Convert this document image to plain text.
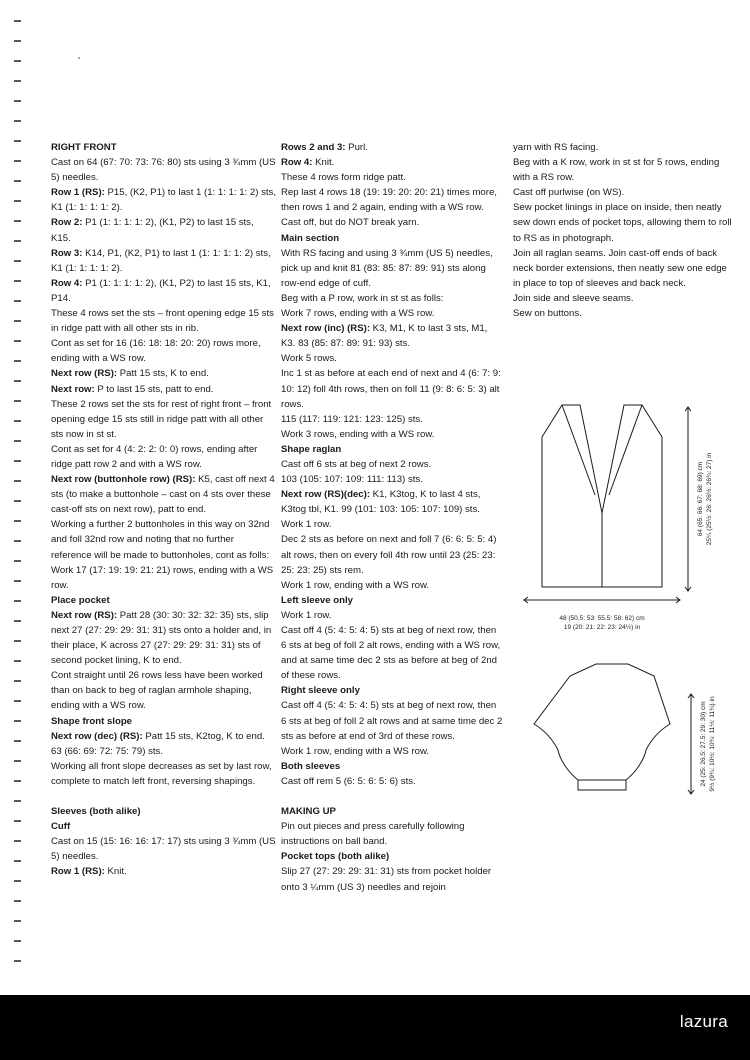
RIGHT FRONT

Cast on 64 (67: 70: 73: 76: 80) sts using 3 ¾mm (US 5) needles.

Row 1 (RS): P15, (K2, P1) to last 1 (1: 1: 1: 1: 2) sts, K1 (1: 1: 1: 1: 2).

Row 2: P1 (1: 1: 1: 1: 2), (K1, P2) to last 15 sts, K15.

Row 3: K14, P1, (K2, P1) to last 1 (1: 1: 1: 1: 2) sts, K1 (1: 1: 1: 1: 2).

Row 4: P1 (1: 1: 1: 1: 2), (K1, P2) to last 15 sts, K1, P14.

These 4 rows set the sts – front opening edge 15 sts in ridge patt with all other sts in rib.

Cont as set for 16 (16: 18: 18: 20: 20) rows more, ending with a WS row.

Next row (RS): Patt 15 sts, K to end.

Next row: P to last 15 sts, patt to end.

These 2 rows set the sts for rest of right front – front opening edge 15 sts still in ridge patt with all other sts now in st st.

Cont as set for 4 (4: 2: 2: 0: 0) rows, ending after ridge patt row 2 and with a WS row.

Next row (buttonhole row) (RS): K5, cast off next 4 sts (to make a buttonhole – cast on 4 sts over these cast-off sts on next row), patt to end.

Working a further 2 buttonholes in this way on 32nd and foll 32nd row and noting that no further reference will be made to buttonholes, cont as folls:

Work 17 (17: 19: 19: 21: 21) rows, ending with a WS row.

Place pocket

Next row (RS): Patt 28 (30: 30: 32: 32: 35) sts, slip next 27 (27: 29: 29: 31: 31) sts onto a holder and, in their place, K across 27 (27: 29: 29: 31: 31) sts of second pocket lining, K to end.

Cont straight until 26 rows less have been worked than on back to beg of raglan armhole shaping, ending with a WS row.

Shape front slope

Next row (dec) (RS): Patt 15 sts, K2tog, K to end. 63 (66: 69: 72: 75: 79) sts.

Working all front slope decreases as set by last row, complete to match left front, reversing shapings.

Sleeves (both alike)

Cuff

Cast on 15 (15: 16: 16: 17: 17) sts using 3 ¾mm (US 5) needles.

Row 1 (RS): Knit.

Rows 2 and 3: Purl.

Row 4: Knit.

These 4 rows form ridge patt.

Rep last 4 rows 18 (19: 19: 20: 20: 21) times more, then rows 1 and 2 again, ending with a WS row.

Cast off, but do NOT break yarn.

Main section

With RS facing and using 3 ¾mm (US 5) needles, pick up and knit 81 (83: 85: 87: 89: 91) sts along row-end edge of cuff.

Beg with a P row, work in st st as folls:

Work 7 rows, ending with a WS row.

Next row (inc) (RS): K3, M1, K to last 3 sts, M1, K3. 83 (85: 87: 89: 91: 93) sts.

Work 5 rows.

Inc 1 st as before at each end of next and 4 (6: 7: 9: 10: 12) foll 4th rows, then on foll 11 (9: 8: 6: 5: 3) alt rows.

115 (117: 119: 121: 123: 125) sts.

Work 3 rows, ending with a WS row.

Shape raglan

Cast off 6 sts at beg of next 2 rows.

103 (105: 107: 109: 111: 113) sts.

Next row (RS)(dec): K1, K3tog, K to last 4 sts, K3tog tbl, K1. 99 (101: 103: 105: 107: 109) sts.

Work 1 row.

Dec 2 sts as before on next and foll 7 (6: 6: 5: 5: 4) alt rows, then on every foll 4th row until 23 (25: 23: 25: 23: 25) sts rem.

Work 1 row, ending with a WS row.

Left sleeve only

Work 1 row.

Cast off 4 (5: 4: 5: 4: 5) sts at beg of next row, then 6 sts at beg of foll 2 alt rows, ending with a WS row, and at same time dec 2 sts as before at beg of 2nd of these rows.

Right sleeve only

Cast off 4 (5: 4: 5: 4: 5) sts at beg of next row, then 6 sts at beg of foll 2 alt rows and at same time dec 2 sts as before at end of 3rd of these rows.

Work 1 row, ending with a WS row.

Both sleeves

Cast off rem 5 (6: 5: 6: 5: 6) sts.

MAKING UP

Pin out pieces and press carefully following instructions on ball band.

Pocket tops (both alike)

Slip 27 (27: 29: 29: 31: 31) sts from pocket holder onto 3 ¼mm (US 3) needles and rejoin

yarn with RS facing.

Beg with a K row, work in st st for 5 rows, ending with a RS row.

Cast off purlwise (on WS).

Sew pocket linings in place on inside, then neatly sew down ends of pocket tops, allowing them to roll to RS as in photograph.

Join all raglan seams. Join cast-off ends of back neck border extensions, then neatly sew one edge in place to top of sleeves and back neck.

Join side and sleeve seams.

Sew on buttons.

48 (50.5: 53: 55.5: 58: 62) cm
19 (20: 21: 22: 23: 24½) in
64 (65: 66: 67: 68: 69) cm 25¼ (25½: 26: 26½: 26¾: 27) in
24 (25: 26.5: 27.5: 29: 30) cm 9½ (9¾: 10½: 10¾: 11½: 11¾) in
lazura
